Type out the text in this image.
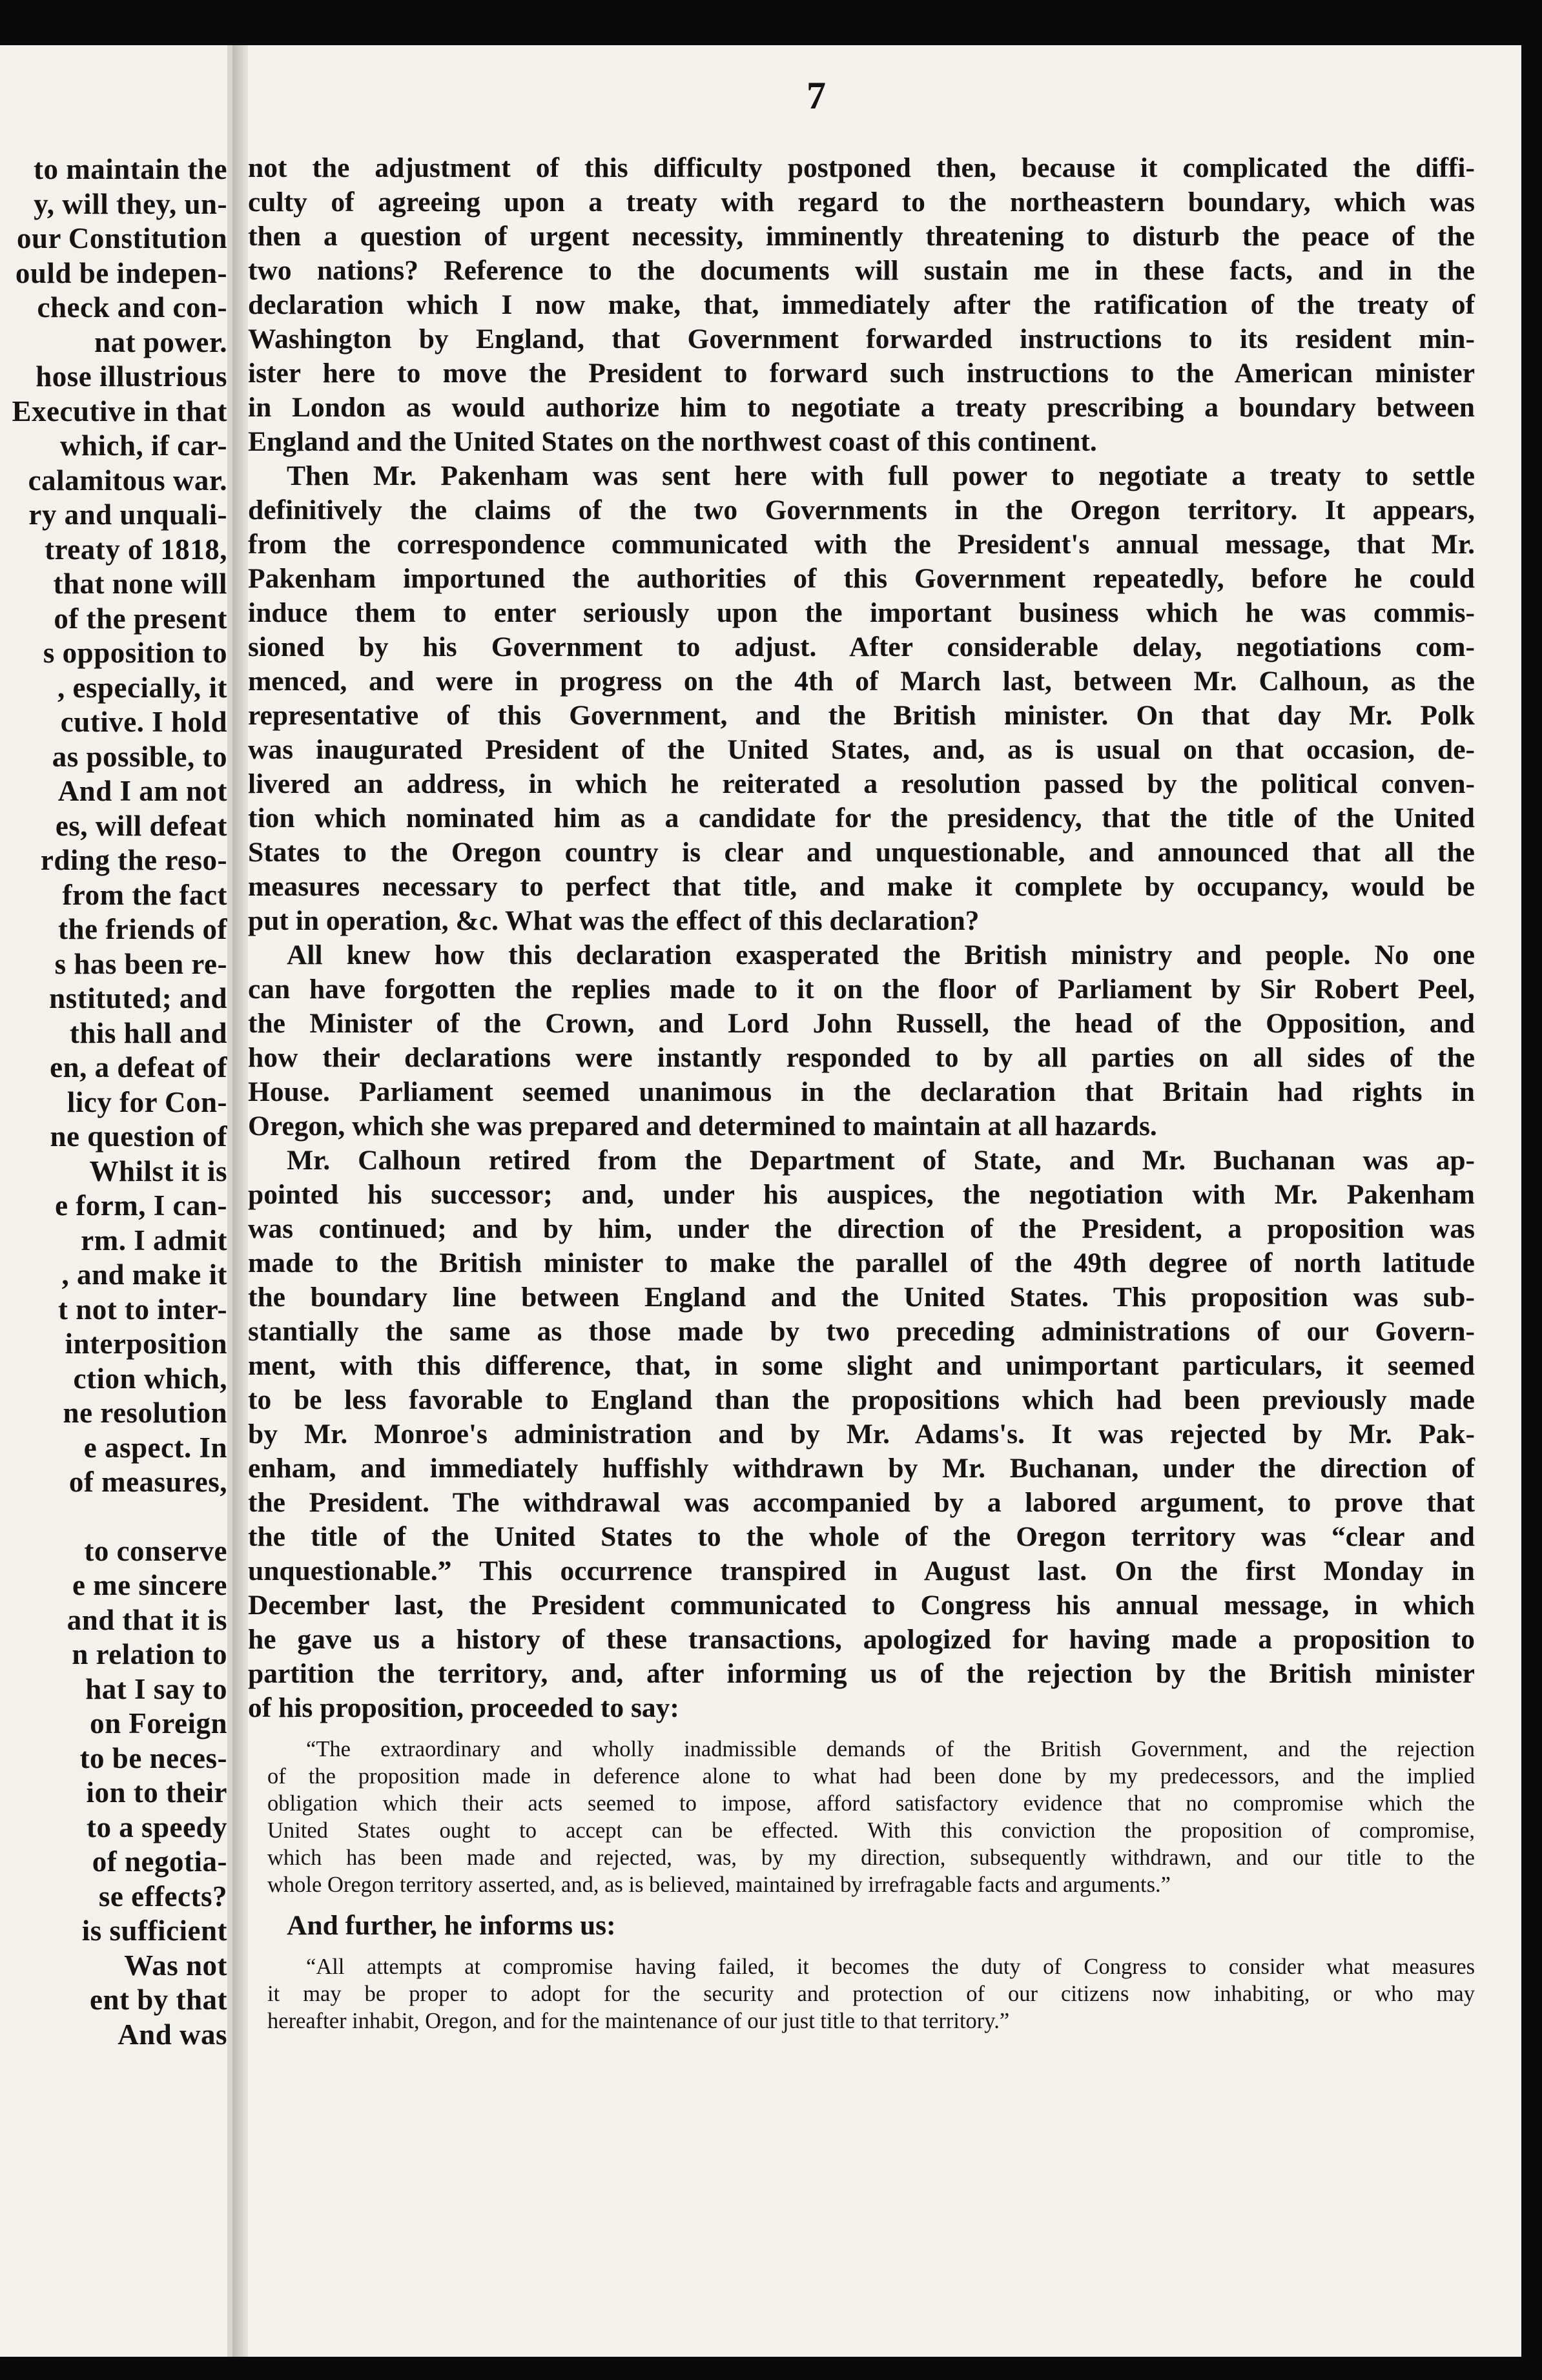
to maintain the
y, will they, un-
our Constitution
ould be indepen-
check and con-
nat power.
hose illustrious
Executive in that
which, if car-
calamitous war.
ry and unquali-
treaty of 1818,
that none will
of the present
s opposition to
, especially, it
cutive. I hold
as possible, to
And I am not
es, will defeat
rding the reso-
from the fact
the friends of
s has been re-
nstituted; and
this hall and
en, a defeat of
licy for Con-
ne question of
Whilst it is
e form, I can-
rm. I admit
, and make it
t not to inter-
interposition
ction which,
ne resolution
e aspect. In
of measures,
to conserve
e me sincere
and that it is
n relation to
hat I say to
on Foreign
to be neces-
ion to their
to a speedy
of negotia-
se effects?
is sufficient
Was not
ent by that
And was
7
not the adjustment of this difficulty postponed then, because it complicated the diffi-
culty of agreeing upon a treaty with regard to the northeastern boundary, which was
then a question of urgent necessity, imminently threatening to disturb the peace of the
two nations? Reference to the documents will sustain me in these facts, and in the
declaration which I now make, that, immediately after the ratification of the treaty of
Washington by England, that Government forwarded instructions to its resident min-
ister here to move the President to forward such instructions to the American minister
in London as would authorize him to negotiate a treaty prescribing a boundary between
England and the United States on the northwest coast of this continent.
Then Mr. Pakenham was sent here with full power to negotiate a treaty to settle
definitively the claims of the two Governments in the Oregon territory. It appears,
from the correspondence communicated with the President's annual message, that Mr.
Pakenham importuned the authorities of this Government repeatedly, before he could
induce them to enter seriously upon the important business which he was commis-
sioned by his Government to adjust. After considerable delay, negotiations com-
menced, and were in progress on the 4th of March last, between Mr. Calhoun, as the
representative of this Government, and the British minister. On that day Mr. Polk
was inaugurated President of the United States, and, as is usual on that occasion, de-
livered an address, in which he reiterated a resolution passed by the political conven-
tion which nominated him as a candidate for the presidency, that the title of the United
States to the Oregon country is clear and unquestionable, and announced that all the
measures necessary to perfect that title, and make it complete by occupancy, would be
put in operation, &c. What was the effect of this declaration?
All knew how this declaration exasperated the British ministry and people. No one
can have forgotten the replies made to it on the floor of Parliament by Sir Robert Peel,
the Minister of the Crown, and Lord John Russell, the head of the Opposition, and
how their declarations were instantly responded to by all parties on all sides of the
House. Parliament seemed unanimous in the declaration that Britain had rights in
Oregon, which she was prepared and determined to maintain at all hazards.
Mr. Calhoun retired from the Department of State, and Mr. Buchanan was ap-
pointed his successor; and, under his auspices, the negotiation with Mr. Pakenham
was continued; and by him, under the direction of the President, a proposition was
made to the British minister to make the parallel of the 49th degree of north latitude
the boundary line between England and the United States. This proposition was sub-
stantially the same as those made by two preceding administrations of our Govern-
ment, with this difference, that, in some slight and unimportant particulars, it seemed
to be less favorable to England than the propositions which had been previously made
by Mr. Monroe's administration and by Mr. Adams's. It was rejected by Mr. Pak-
enham, and immediately huffishly withdrawn by Mr. Buchanan, under the direction of
the President. The withdrawal was accompanied by a labored argument, to prove that
the title of the United States to the whole of the Oregon territory was “clear and
unquestionable.” This occurrence transpired in August last. On the first Monday in
December last, the President communicated to Congress his annual message, in which
he gave us a history of these transactions, apologized for having made a proposition to
partition the territory, and, after informing us of the rejection by the British minister
of his proposition, proceeded to say:
“The extraordinary and wholly inadmissible demands of the British Government, and the rejection
of the proposition made in deference alone to what had been done by my predecessors, and the implied
obligation which their acts seemed to impose, afford satisfactory evidence that no compromise which the
United States ought to accept can be effected. With this conviction the proposition of compromise,
which has been made and rejected, was, by my direction, subsequently withdrawn, and our title to the
whole Oregon territory asserted, and, as is believed, maintained by irrefragable facts and arguments.”
And further, he informs us:
“All attempts at compromise having failed, it becomes the duty of Congress to consider what measures
it may be proper to adopt for the security and protection of our citizens now inhabiting, or who may
hereafter inhabit, Oregon, and for the maintenance of our just title to that territory.”
